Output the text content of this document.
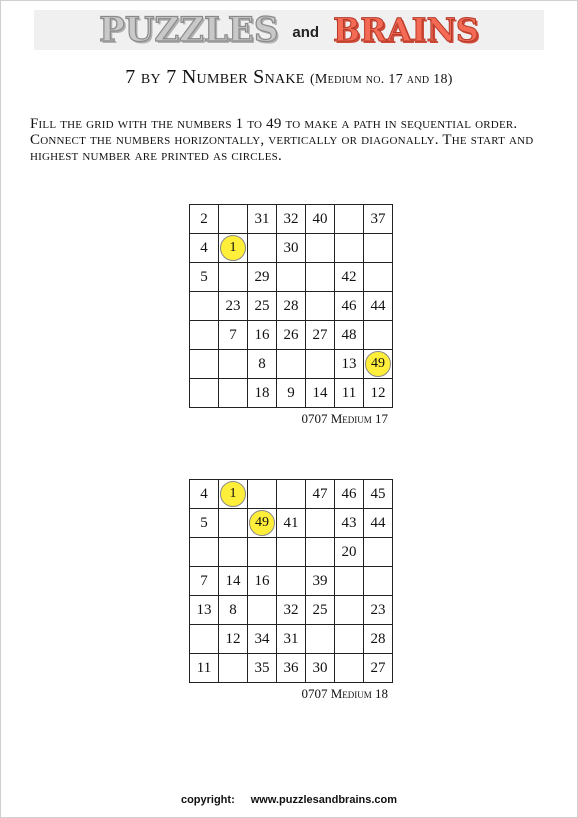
PUZZLES and BRAINS
7 by 7 Number Snake (Medium no. 17 and 18)
Fill the grid with the numbers 1 to 49 to make a path in sequential order. Connect the numbers horizontally, vertically or diagonally. The start and highest number are printed as circles.
2		31	32	40		37
4	1		30			
5		29			42	
	23	25	28		46	44
	7	16	26	27	48	
		8			13	49
		18	9	14	11	12
0707 Medium 17
4	1			47	46	45
5		49	41		43	44
					20	
7	14	16		39		
13	8		32	25		23
	12	34	31			28
11		35	36	30		27
0707 Medium 18
copyright: www.puzzlesandbrains.com
